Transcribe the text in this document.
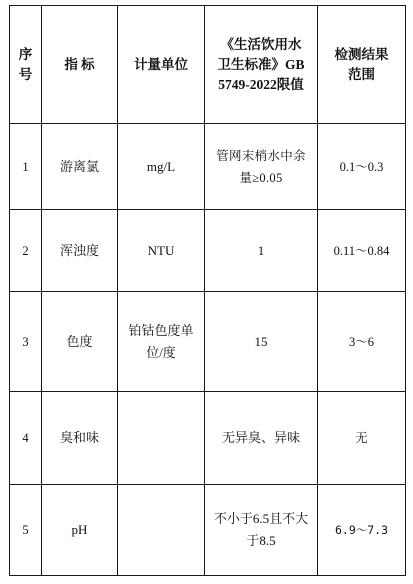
序号	指 标	计量单位	《生活饮用水卫生标准》GB5749-2022限值	检测结果范围
1	游离氯	mg/L	管网末梢水中余量≥0.05	0.1～0.3
2	浑浊度	NTU	1	0.11～0.84
3	色度	铂钴色度单位/度	15	3～6
4	臭和味		无异臭、异味	无
5	pH		不小于6.5且不大于8.5	6.9～7.3
